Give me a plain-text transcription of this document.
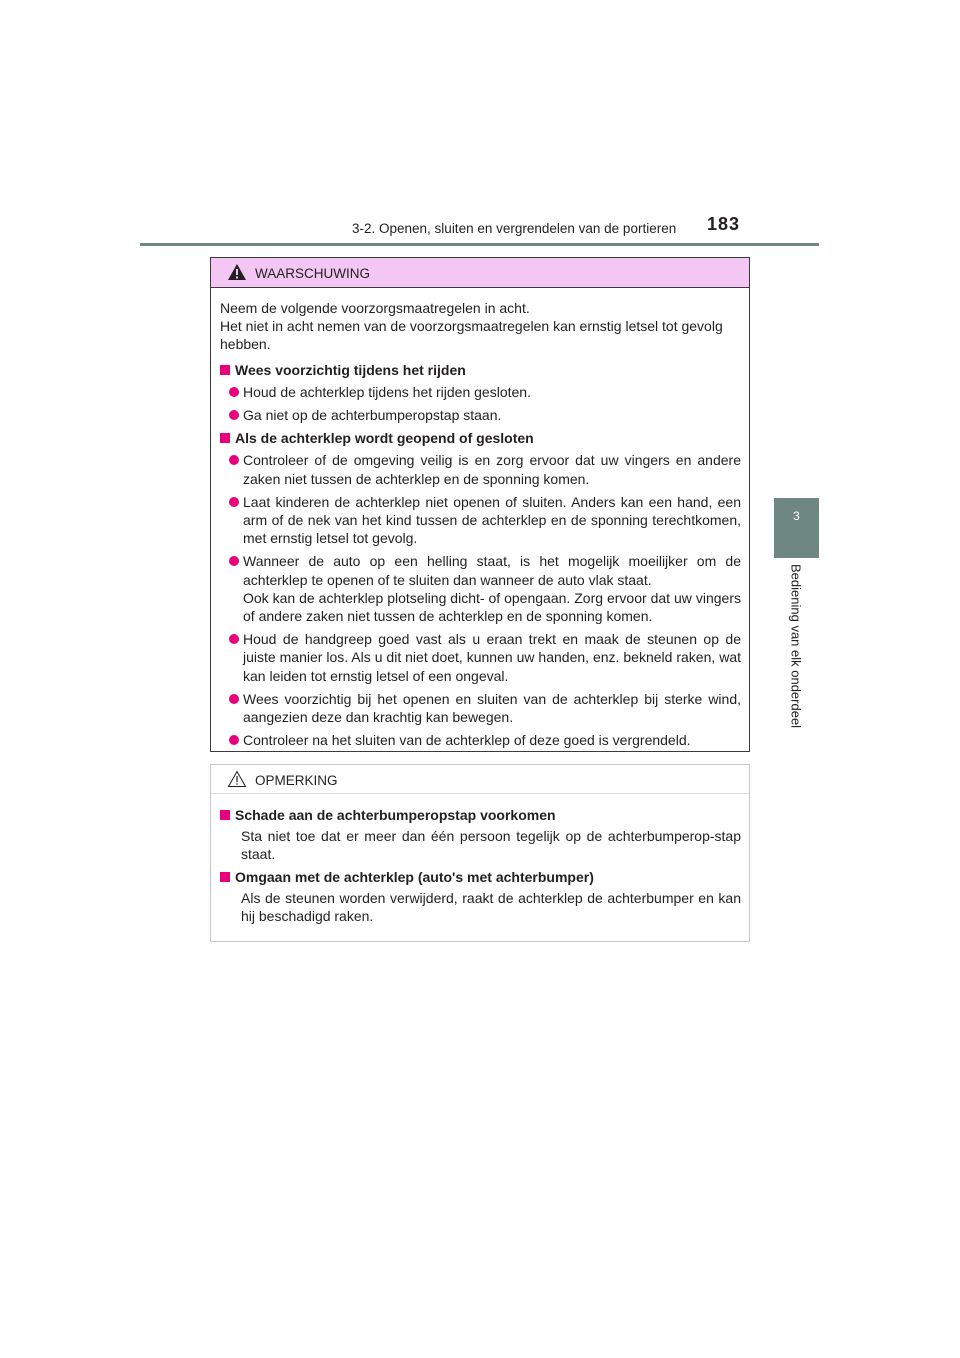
3-2. Openen, sluiten en vergrendelen van de portieren 183
3
Bediening van elk onderdeel
WAARSCHUWING
Neem de volgende voorzorgsmaatregelen in acht.
Het niet in acht nemen van de voorzorgsmaatregelen kan ernstig letsel tot gevolg hebben.
Wees voorzichtig tijdens het rijden
Houd de achterklep tijdens het rijden gesloten.
Ga niet op de achterbumperopstap staan.
Als de achterklep wordt geopend of gesloten
Controleer of de omgeving veilig is en zorg ervoor dat uw vingers en andere zaken niet tussen de achterklep en de sponning komen.
Laat kinderen de achterklep niet openen of sluiten. Anders kan een hand, een arm of de nek van het kind tussen de achterklep en de sponning terechtkomen, met ernstig letsel tot gevolg.
Wanneer de auto op een helling staat, is het mogelijk moeilijker om de achterklep te openen of te sluiten dan wanneer de auto vlak staat.
Ook kan de achterklep plotseling dicht- of opengaan. Zorg ervoor dat uw vingers of andere zaken niet tussen de achterklep en de sponning komen.
Houd de handgreep goed vast als u eraan trekt en maak de steunen op de juiste manier los. Als u dit niet doet, kunnen uw handen, enz. bekneld raken, wat kan leiden tot ernstig letsel of een ongeval.
Wees voorzichtig bij het openen en sluiten van de achterklep bij sterke wind, aangezien deze dan krachtig kan bewegen.
Controleer na het sluiten van de achterklep of deze goed is vergrendeld.
OPMERKING
Schade aan de achterbumperopstap voorkomen
Sta niet toe dat er meer dan één persoon tegelijk op de achterbumperop-stap staat.
Omgaan met de achterklep (auto's met achterbumper)
Als de steunen worden verwijderd, raakt de achterklep de achterbumper en kan hij beschadigd raken.
